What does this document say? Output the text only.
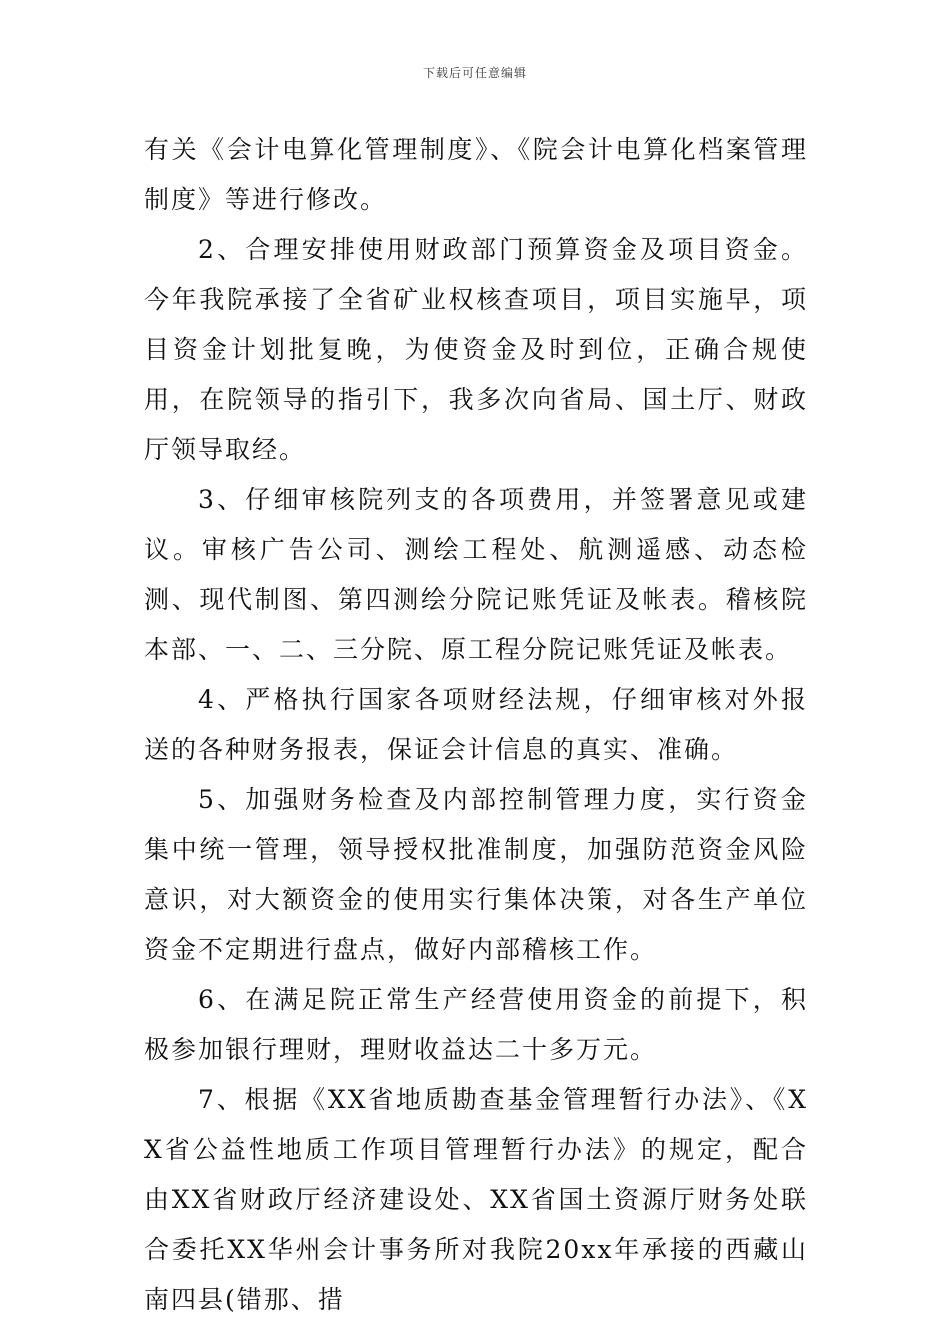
下载后可任意编辑

有关《会计电算化管理制度》、《院会计电算化档案管理制度》等进行修改。

2、合理安排使用财政部门预算资金及项目资金。今年我院承接了全省矿业权核查项目，项目实施早，项目资金计划批复晚，为使资金及时到位，正确合规使用，在院领导的指引下，我多次向省局、国土厅、财政厅领导取经。

3、仔细审核院列支的各项费用，并签署意见或建议。审核广告公司、测绘工程处、航测遥感、动态检测、现代制图、第四测绘分院记账凭证及帐表。稽核院本部、一、二、三分院、原工程分院记账凭证及帐表。

4、严格执行国家各项财经法规，仔细审核对外报送的各种财务报表，保证会计信息的真实、准确。

5、加强财务检查及内部控制管理力度，实行资金集中统一管理，领导授权批准制度，加强防范资金风险意识，对大额资金的使用实行集体决策，对各生产单位资金不定期进行盘点，做好内部稽核工作。

6、在满足院正常生产经营使用资金的前提下，积极参加银行理财，理财收益达二十多万元。

7、根据《XX省地质勘查基金管理暂行办法》、《XX省公益性地质工作项目管理暂行办法》的规定，配合由XX省财政厅经济建设处、XX省国土资源厅财务处联合委托XX华州会计事务所对我院20xx年承接的西藏山南四县(错那、措
